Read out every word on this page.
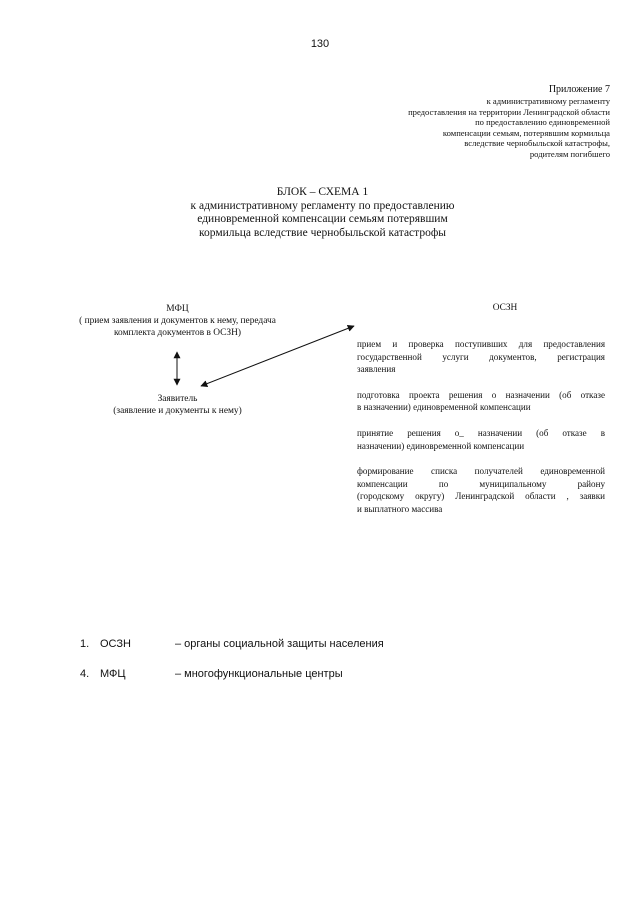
130
Приложение 7
к административному регламенту
предоставления на территории Ленинградской области
по предоставлению единовременной
компенсации семьям, потерявшим кормильца
вследствие чернобыльской катастрофы,
родителям погибшего
БЛОК – СХЕМА 1
к административному регламенту по предоставлению
единовременной компенсации семьям потерявшим
кормильца вследствие чернобыльской катастрофы
МФЦ
( прием заявления и документов к нему, передача
комплекта документов в ОСЗН)
Заявитель
(заявление и документы к нему)
ОСЗН
прием и проверка поступивших для предоставления
государственной услуги документов, регистрация
заявления
подготовка проекта решения о назначении (об отказе
в назначении) единовременной компенсации
принятие решения о_ назначении (об отказе в
назначении) единовременной компенсации
формирование списка получателей единовременной
компенсации по муниципальному району
(городскому округу) Ленинградской области , заявки
и выплатного массива
1. ОСЗН	– органы социальной защиты населения
4. МФЦ	– многофункциональные центры
